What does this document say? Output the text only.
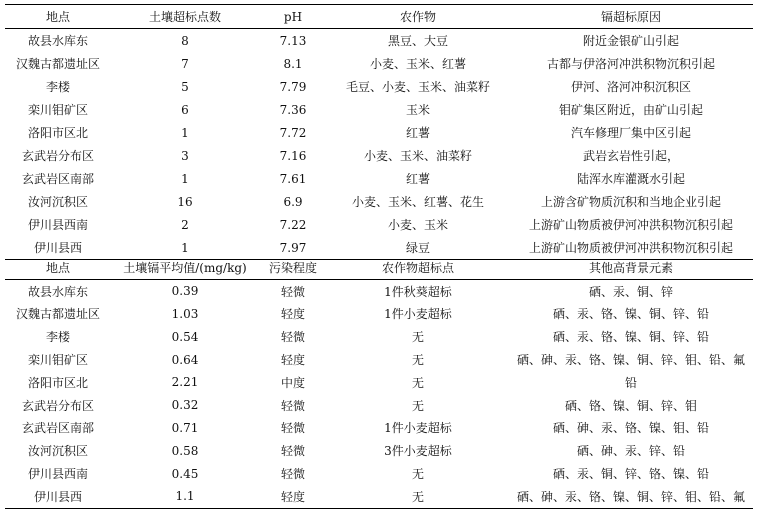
地点	土壤超标点数	pH	农作物	镉超标原因
故县水库东	8	7.13	黑豆、大豆	附近金银矿山引起
汉魏古都遗址区	7	8.1	小麦、玉米、红薯	古都与伊洛河冲洪积物沉积引起
李楼	5	7.79	毛豆、小麦、玉米、油菜籽	伊河、洛河冲积沉积区
栾川钼矿区	6	7.36	玉米	钼矿集区附近，由矿山引起
洛阳市区北	1	7.72	红薯	汽车修理厂集中区引起
玄武岩分布区	3	7.16	小麦、玉米、油菜籽	武岩玄岩性引起，
玄武岩区南部	1	7.61	红薯	陆浑水库灌溉水引起
汝河沉积区	16	6.9	小麦、玉米、红薯、花生	上游含矿物质沉积和当地企业引起
伊川县西南	2	7.22	小麦、玉米	上游矿山物质被伊河冲洪积物沉积引起
伊川县西	1	7.97	绿豆	上游矿山物质被伊河冲洪积物沉积引起
地点	土壤镉平均值/(mg/kg)	污染程度	农作物超标点	其他高背景元素
故县水库东	0.39	轻微	1件秋葵超标	硒、汞、铜、锌
汉魏古都遗址区	1.03	轻度	1件小麦超标	硒、汞、铬、镍、铜、锌、铅
李楼	0.54	轻微	无	硒、汞、铬、镍、铜、锌、铅
栾川钼矿区	0.64	轻度	无	硒、砷、汞、铬、镍、铜、锌、钼、铅、氟
洛阳市区北	2.21	中度	无	铅
玄武岩分布区	0.32	轻微	无	硒、铬、镍、铜、锌、钼
玄武岩区南部	0.71	轻微	1件小麦超标	硒、砷、汞、铬、镍、钼、铅
汝河沉积区	0.58	轻微	3件小麦超标	硒、砷、汞、锌、铅
伊川县西南	0.45	轻微	无	硒、汞、铜、锌、铬、镍、铅
伊川县西	1.1	轻度	无	硒、砷、汞、铬、镍、铜、锌、钼、铅、氟
